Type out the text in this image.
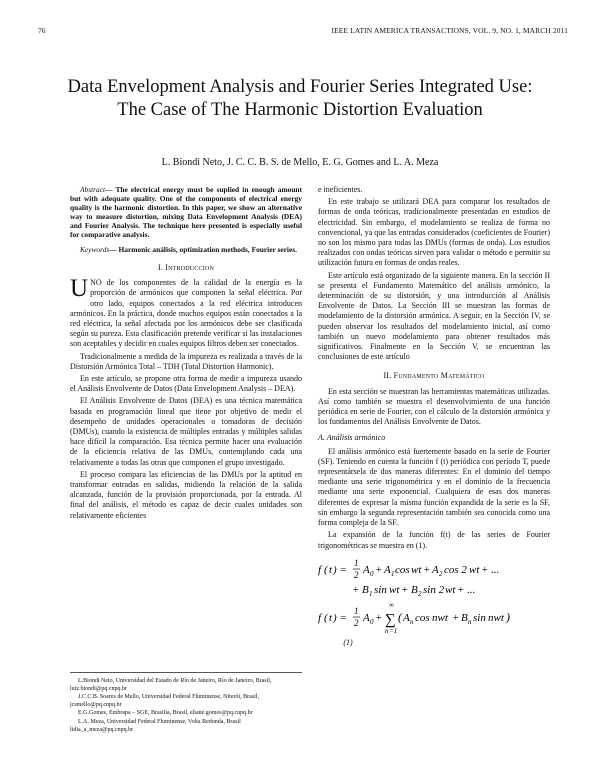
76	IEEE LATIN AMERICA TRANSACTIONS, VOL. 9, NO. 1, MARCH 2011
Data Envelopment Analysis and Fourier Series Integrated Use: The Case of The Harmonic Distortion Evaluation
L. Biondi Neto, J. C. C. B. S. de Mello, E. G. Gomes and L. A. Meza

Abstract— The electrical energy must be suplied in enough amount but with adequate quality. One of the components of electrical energy quality is the harmonic distortion. In this paper, we show an alternative way to measure distortion, mixing Data Envelopment Analysis (DEA) and Fourier Analysis. The technique here presented is especially useful for comparative analysis.

Keywords— Harmonic análisis, optimization methods, Fourier series.

I. Introduccion

UNO de los componentes de la calidad de la energía es la proporción de armónicos que componen la señal eléctrica. Por otro lado, equipos conectados a la red eléctrica introducen armónicos. En la práctica, donde muchos equipos están conectados a la red eléctrica, la señal afectada por los armónicos debe ser clasificada según su pureza. Esta clasificación pretende verificar si las instalaciones son aceptables y decidir en cuales equipos filtros deben ser conectados.

Tradicionalmente a medida de la impureza es realizada a través de la Distorsión Armónica Total – TDH (Total Distortion Harmonic).

En este artículo, se propone otra forma de medir a impureza usando el Análisis Envolvente de Datos (Data Envelopment Analysis – DEA).

El Análisis Envolvente de Datos (DEA) es una técnica matemática basada en programación lineal que tiene por objetivo de medir el desempeño de unidades operacionales o tomadoras de decisión (DMUs), cuando la existencia de múltiples entradas y múltiples salidas hace difícil la comparación. Esa técnica permite hacer una evaluación de la eficiencia relativa de las DMUs, contemplando cada una relativamente a todas las otras que componen el grupo investigado.

El proceso compara las eficiencias de las DMUs por la aptitud en transformar entradas en salidas, midiendo la relación de la salida alcanzada, función de la provisión proporcionada, por la entrada. Al final del análisis, el método es capaz de decir cuales unidades son relativamente eficientes

L.Biondi Neto, Universidad del Estado de Río de Janeiro, Río de Janeiro, Brasil, luiz.biondi@pq.cnpq.br

J.C.C.B. Soares de Mello, Universidad Federal Fluminense, Niterói, Brasil, jcsmello@pq.cnpq.br

E.G.Gomes, Embrapa – SGE, Brasilia, Brasil, eliane.gomes@pq.cnpq.br

L.A. Meza, Universidad Federal Fluminense, Volta Redonda, Brasil lidia_a_meza@pq.cnpq.br

e ineficientes.

En este trabajo se utilizará DEA para comparar los resultados de formas de onda teóricas, tradicionalmente presentadas en estudios de electricidad. Sin embargo, el modelamiento se realiza de forma no convencional, ya que las entradas considerados (coeficientes de Fourier) no son los mismo para todas las DMUs (formas de onda). Los estudios realizados con ondas teóricas sirven para validar o método e permitir su utilización futura en formas de ondas reales.

Este artículo está organizado de la siguiente manera. En la sección II se presenta el Fundamento Matemático del análisis armónico, la determinación de su distorsión, y una introducción al Análisis Envolvente de Datos. La Sección III se muestran las formas de modelamiento de la distorsión armónica. A seguir, en la Sección IV, se pueden observar los resultados del modelamiento inicial, así como también un nuevo modelamiento para obtener resultados más significativos. Finalmente en la Sección V, se encuentran las conclusiones de este artículo

II. Fundamento Matemático

En esta sección se muestran las herramientas matemáticas utilizadas. Así como también se muestra el desenvolvimiento de una función periódica en serie de Fourier, con el cálculo de la distorsión armónica y los fundamentos del Análisis Envolvente de Datos.

A. Análisis armónico

El análisis armónico está fuertemente basado en la serie de Fourier (SF). Teniendo en cuenta la función f (t) periódica con período T, puede representársela de dos maneras diferentes: En el dominio del tiempo mediante una serie trigonométrica y en el dominio de la frecuencia mediante una serie exponencial. Cualquiera de esas dos maneras diferentes de expresar la misma función expandida de la serie es la SF, sin embargo la segunda representación también sea conocida como una forma compleja de la SF.

La expansión de la función f(t) de las series de Fourier trigonométricas se muestra en (1).

f ( t ) =
1
2 A 0 + A 1 cos wt + A 2 cos 2 wt + ...
+ B 1 sin wt + B 2 sin 2 wt + ...
f ( t ) =
1
2 A 0 +
∞
∑
n =1
( A n cos nwt + B n sin nwt )
(1)
